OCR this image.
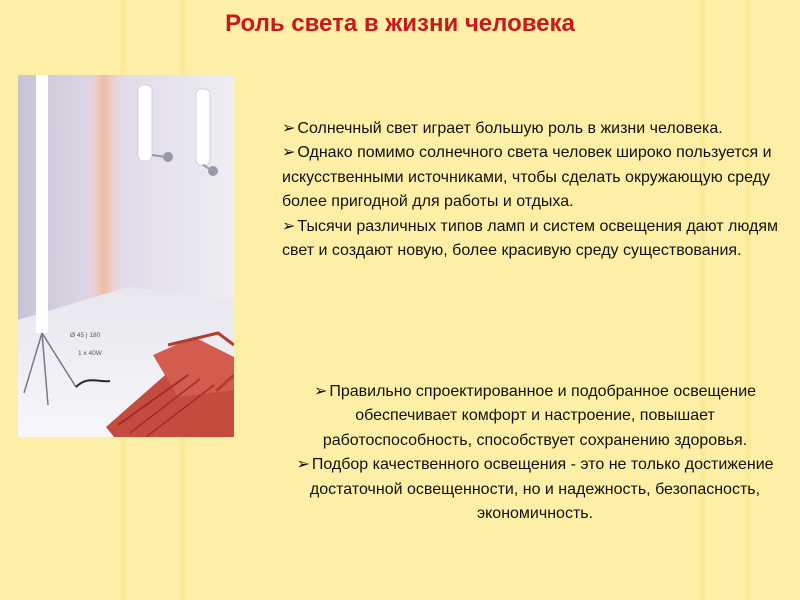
Роль света в жизни человека
Ø 45 | 180
1 x 40W

➢ Солнечный свет играет большую роль в жизни человека.

➢ Однако помимо солнечного света человек широко пользуется и искусственными источниками, чтобы сделать окружающую среду более пригодной для работы и отдыха.

➢ Тысячи различных типов ламп и систем освещения дают людям свет и создают новую, более красивую среду существования.

➢ Правильно спроектированное и подобранное освещение обеспечивает комфорт и настроение, повышает работоспособность, способствует сохранению здоровья.

➢ Подбор качественного освещения - это не только достижение достаточной освещенности, но и надежность, безопасность, экономичность.
